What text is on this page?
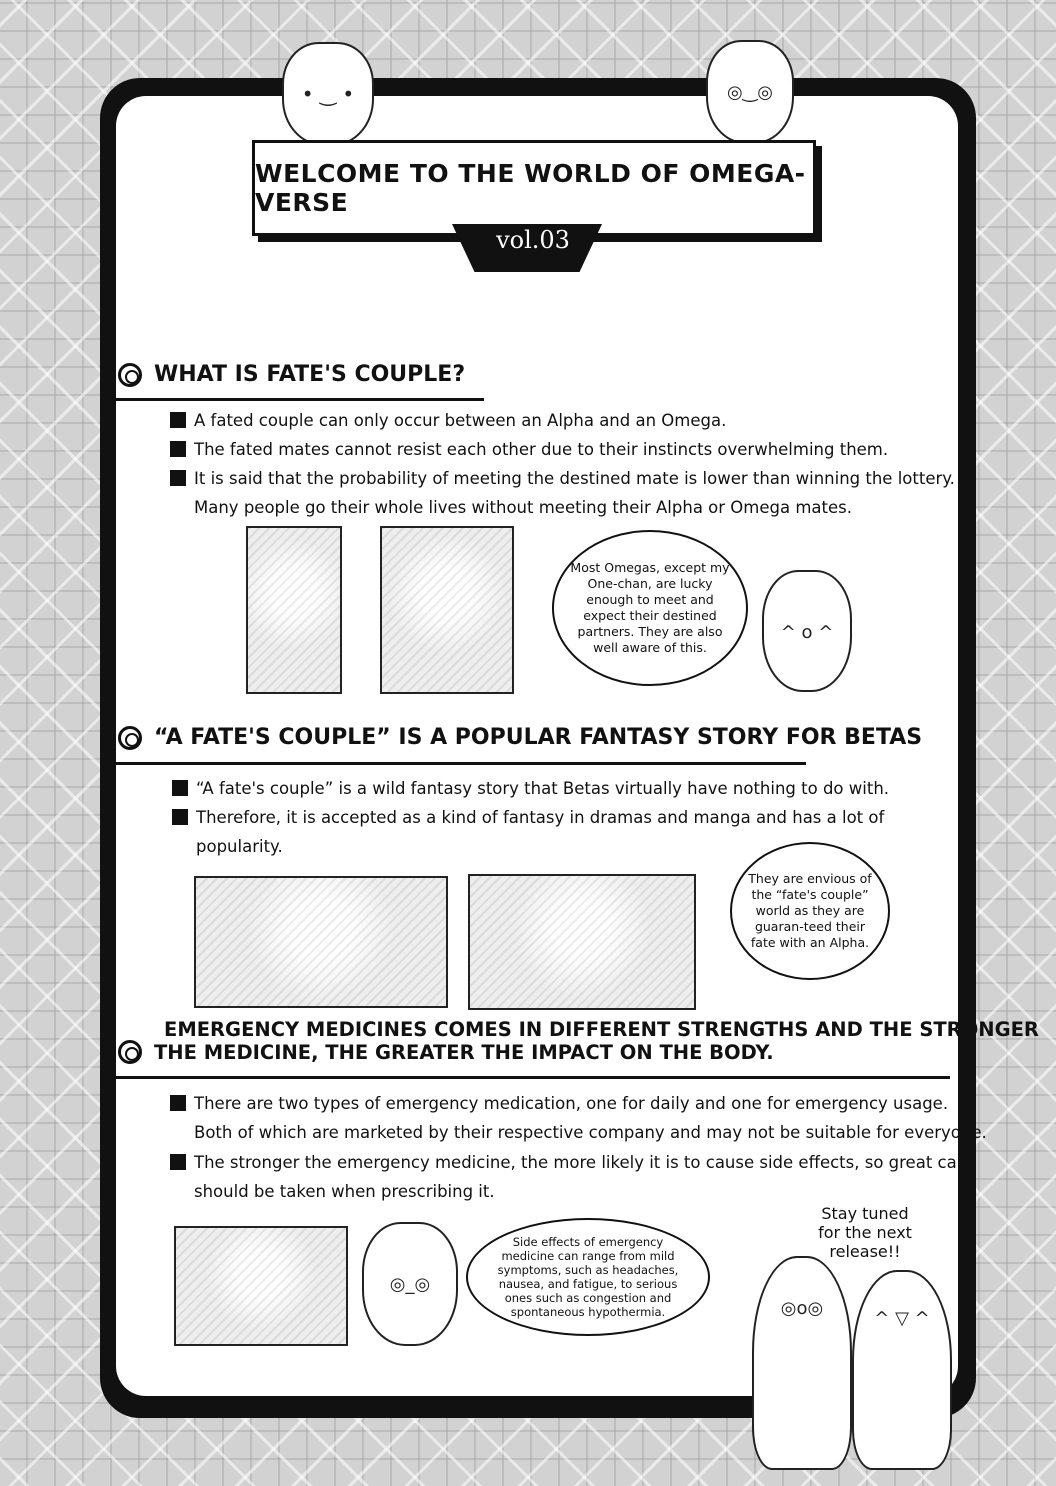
• ‿ •	◎‿◎
WELCOME TO THE WORLD OF OMEGA-VERSE
vol.03
WHAT IS FATE'S COUPLE?
A fated couple can only occur between an Alpha and an Omega.
The fated mates cannot resist each other due to their instincts overwhelming them.
It is said that the probability of meeting the destined mate is lower than winning the lottery.
Many people go their whole lives without meeting their Alpha or Omega mates.
Most Omegas, except my One-chan, are lucky enough to meet and expect their destined partners. They are also well aware of this.
^ o ^
“A FATE'S COUPLE” IS A POPULAR FANTASY STORY FOR BETAS
“A fate's couple” is a wild fantasy story that Betas virtually have nothing to do with.
Therefore, it is accepted as a kind of fantasy in dramas and manga and has a lot of
popularity.
They are envious of the “fate's couple” world as they are guaran-teed their fate with an Alpha.
EMERGENCY MEDICINES COMES IN DIFFERENT STRENGTHS AND THE STRONGER
THE MEDICINE, THE GREATER THE IMPACT ON THE BODY.
There are two types of emergency medication, one for daily and one for emergency usage.
Both of which are marketed by their respective company and may not be suitable for everyone.
The stronger the emergency medicine, the more likely it is to cause side effects, so great care
should be taken when prescribing it.
◎_◎
Side effects of emergency medicine can range from mild symptoms, such as headaches, nausea, and fatigue, to serious ones such as congestion and spontaneous hypothermia.
Stay tuned
for the next
release!!
◎o◎	^ ▽ ^
